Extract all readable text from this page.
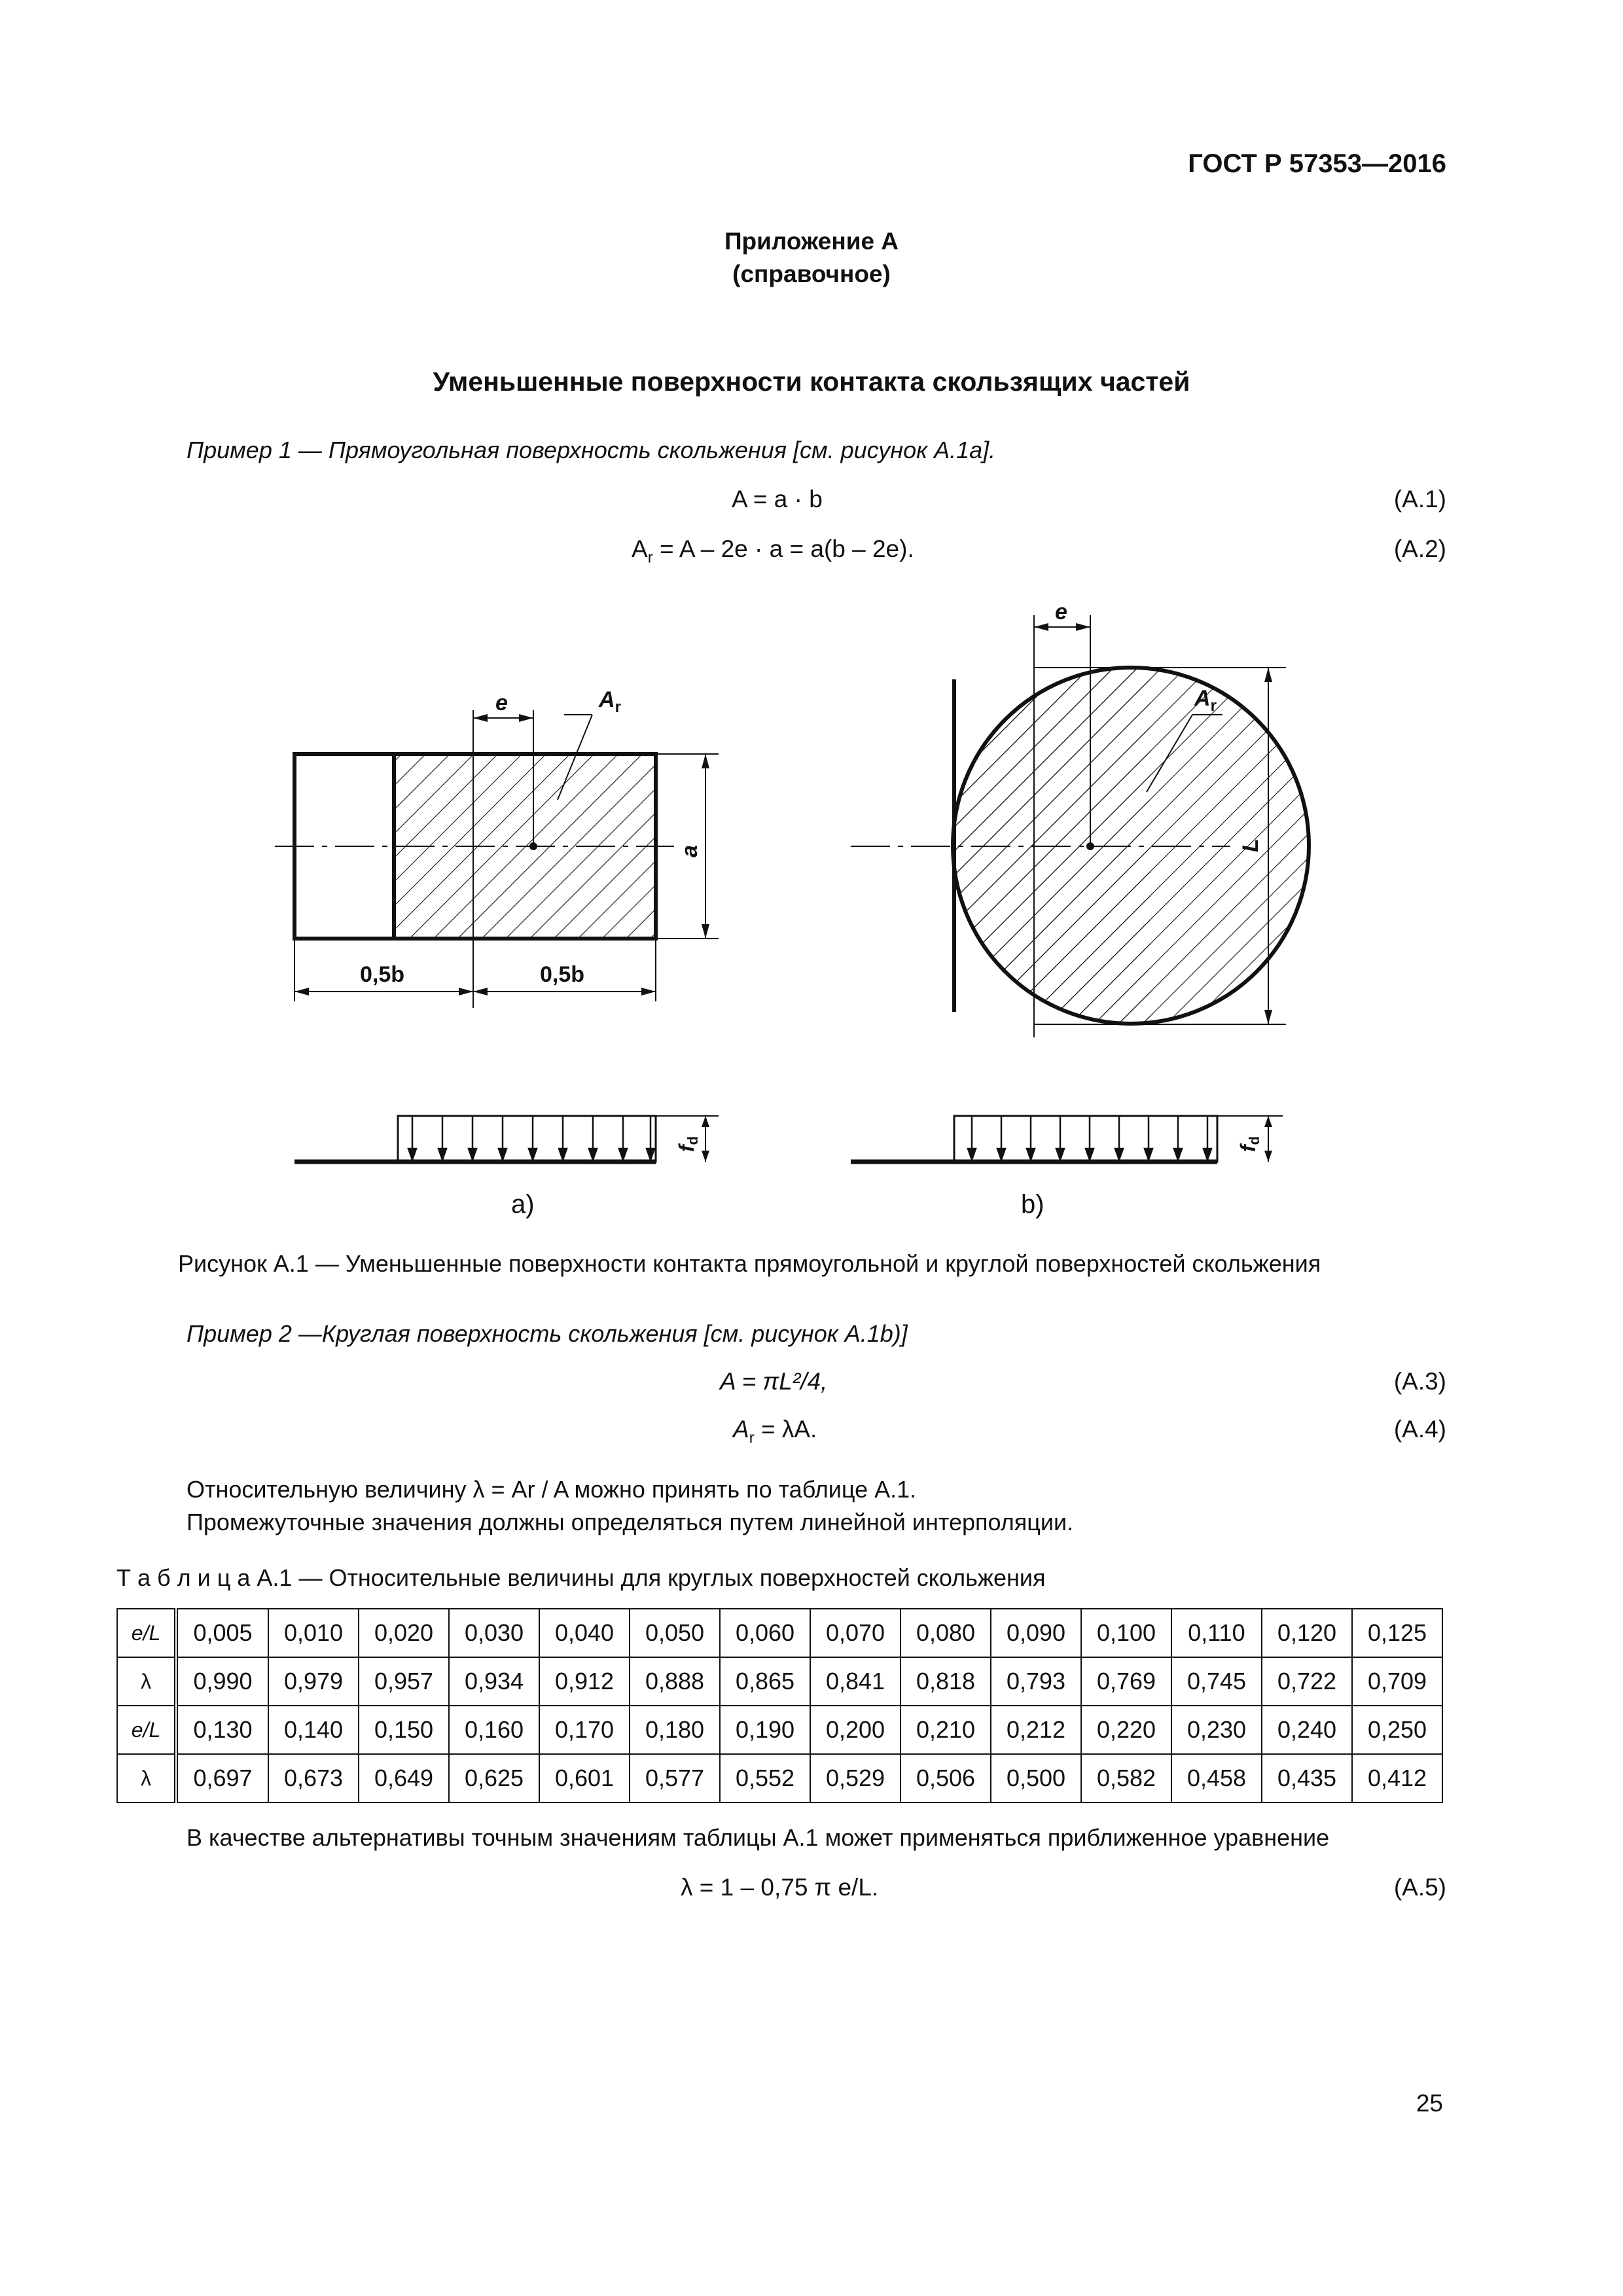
ГОСТ Р 57353—2016
Приложение А
(справочное)
Уменьшенные поверхности контакта скользящих частей
Пример 1 — Прямоугольная поверхность скольжения [см. рисунок А.1а].
A = a · b	(A.1)
$A_r = A - 2e \cdot a = a(b - 2e)$.	(A.2)
e	$A_r$
a
0,5b	0,5b
e
$A_r$
L
fd
fd
a)	b)
Рисунок А.1 — Уменьшенные поверхности контакта прямоугольной и круглой поверхностей скольжения
Пример 2 —Круглая поверхность скольжения [см. рисунок А.1b)]
A = πL²/4,	(A.3)
$A_r = \lambda A$.	(A.4)
Относительную величину λ = Ar / A можно принять по таблице А.1.
Промежуточные значения должны определяться путем линейной интерполяции.
Т а б л и ц а А.1 — Относительные величины для круглых поверхностей скольжения
e/L	0,005	0,010	0,020	0,030	0,040	0,050	0,060	0,070	0,080	0,090	0,100	0,110	0,120	0,125
λ	0,990	0,979	0,957	0,934	0,912	0,888	0,865	0,841	0,818	0,793	0,769	0,745	0,722	0,709
e/L	0,130	0,140	0,150	0,160	0,170	0,180	0,190	0,200	0,210	0,212	0,220	0,230	0,240	0,250
λ	0,697	0,673	0,649	0,625	0,601	0,577	0,552	0,529	0,506	0,500	0,582	0,458	0,435	0,412
В качестве альтернативы точным значениям таблицы А.1 может применяться приближенное уравнение
λ = 1 – 0,75 π e/L.	(A.5)
25
